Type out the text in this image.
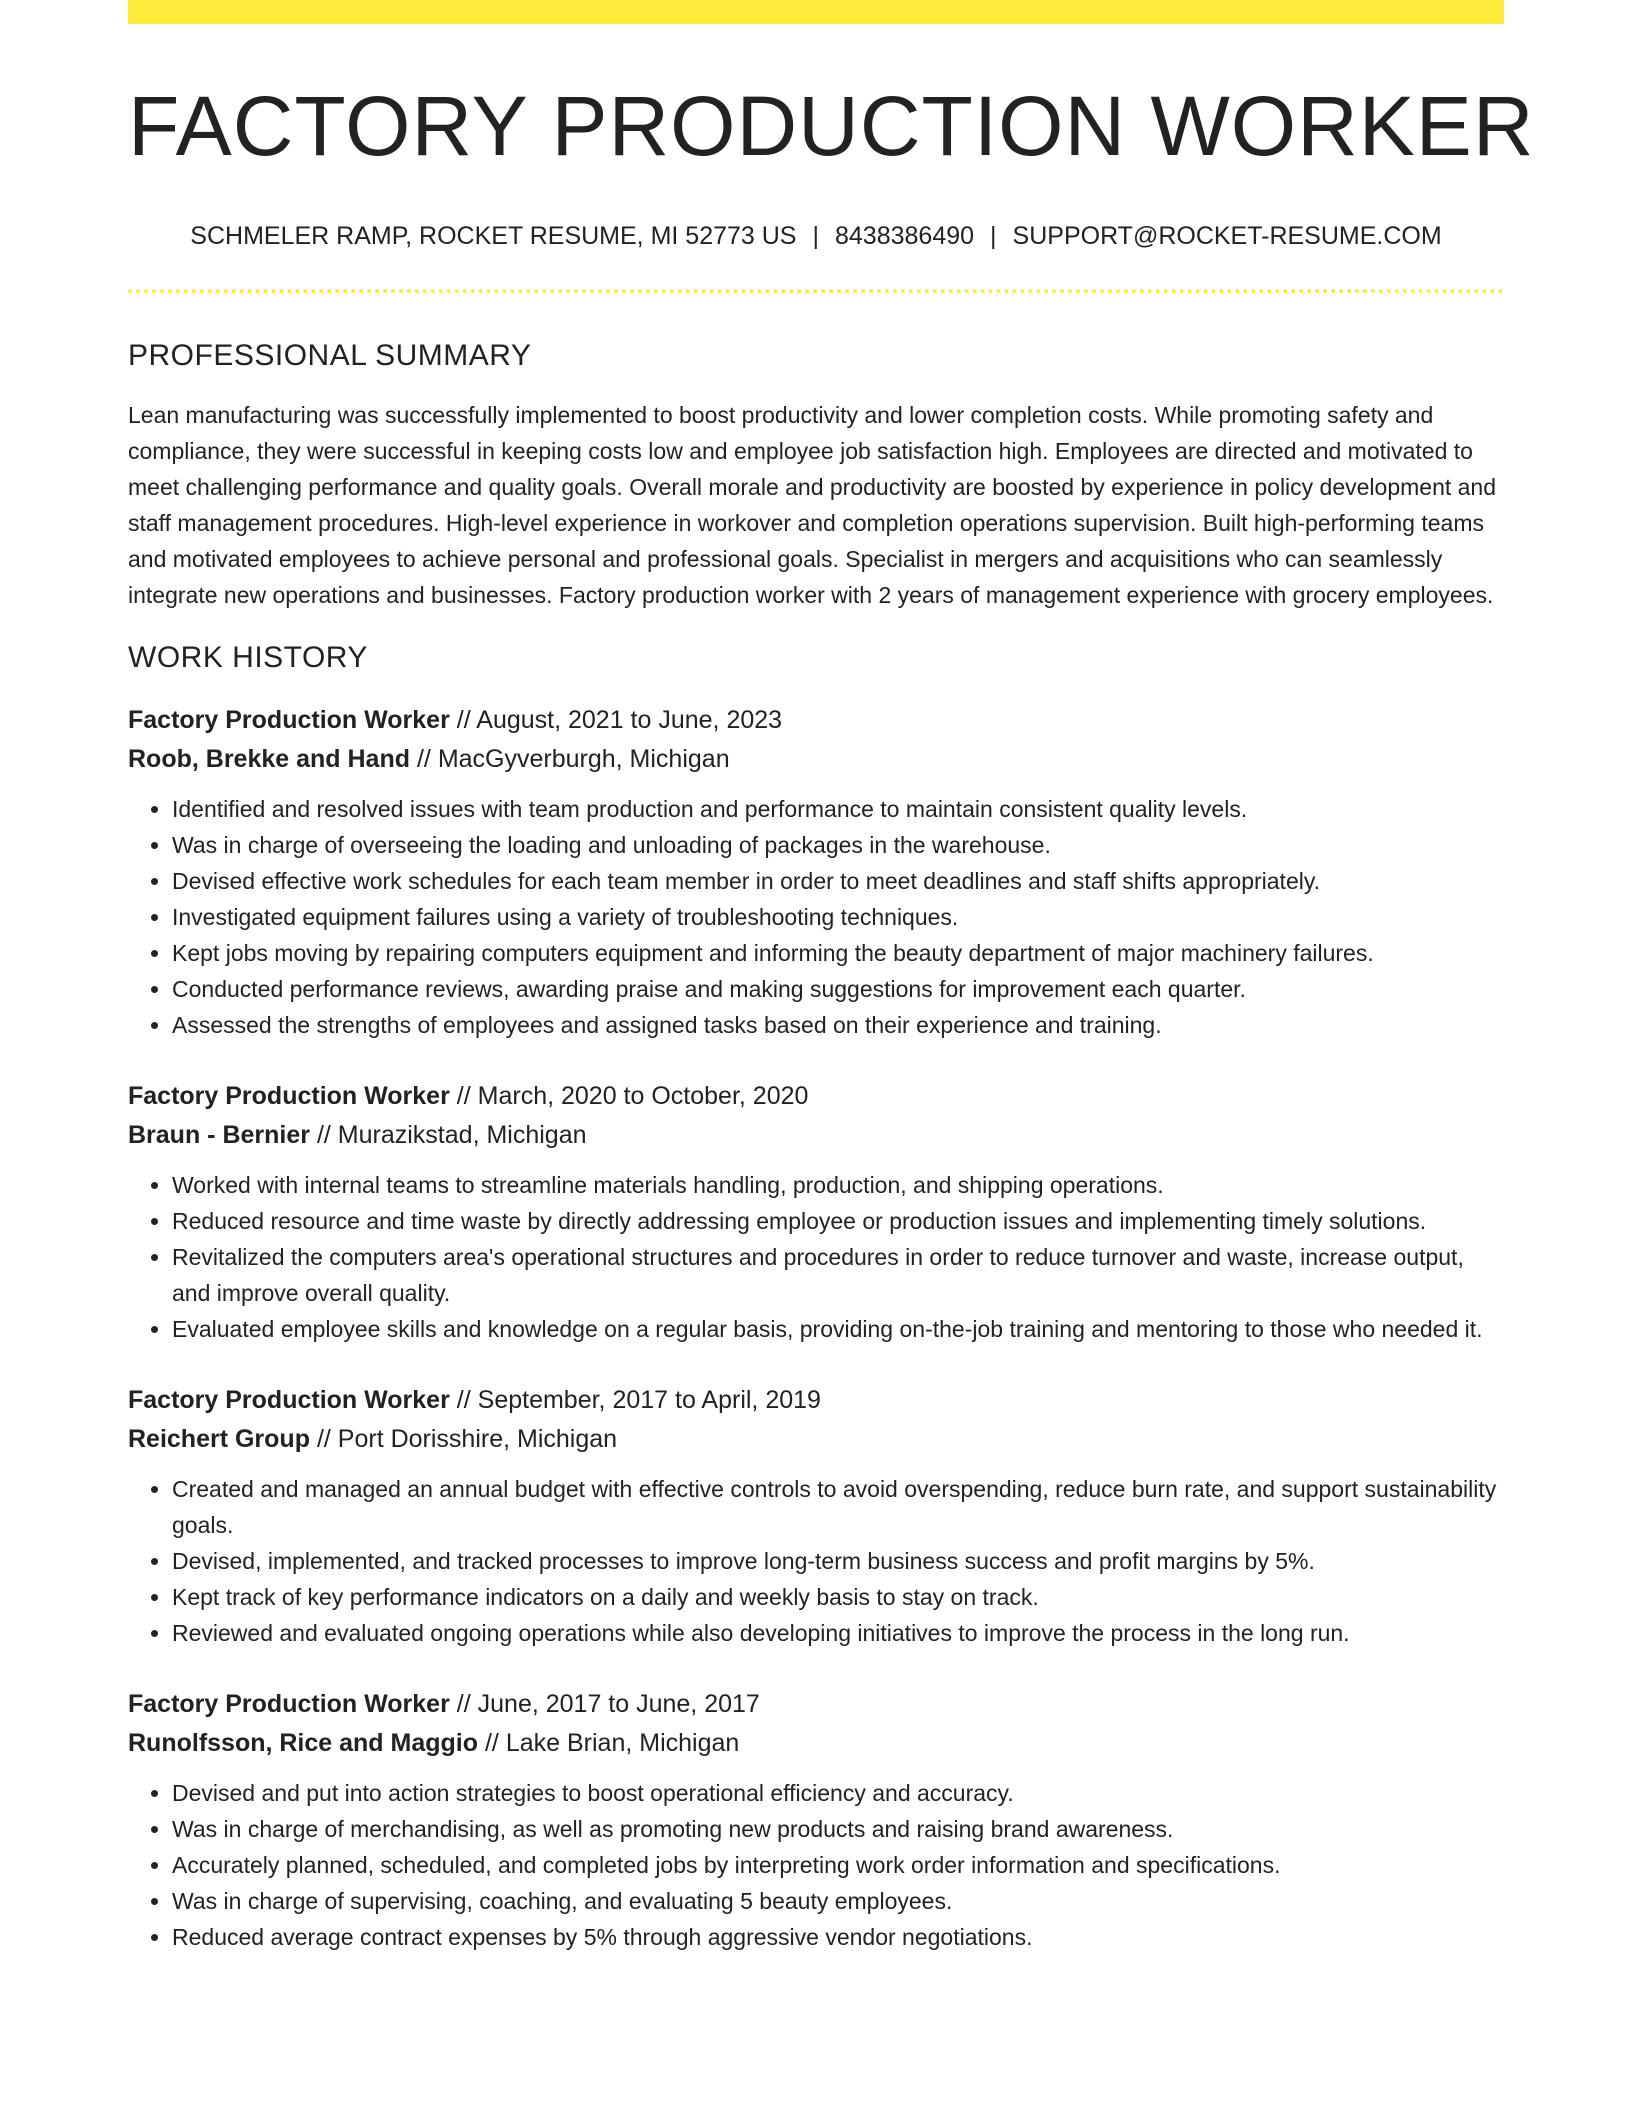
FACTORY PRODUCTION WORKER
SCHMELER RAMP, ROCKET RESUME, MI 52773 US | 8438386490 | SUPPORT@ROCKET-RESUME.COM
PROFESSIONAL SUMMARY
Lean manufacturing was successfully implemented to boost productivity and lower completion costs. While promoting safety and compliance, they were successful in keeping costs low and employee job satisfaction high. Employees are directed and motivated to meet challenging performance and quality goals. Overall morale and productivity are boosted by experience in policy development and staff management procedures. High-level experience in workover and completion operations supervision. Built high-performing teams and motivated employees to achieve personal and professional goals. Specialist in mergers and acquisitions who can seamlessly integrate new operations and businesses. Factory production worker with 2 years of management experience with grocery employees.
WORK HISTORY
Factory Production Worker // August, 2021 to June, 2023
Roob, Brekke and Hand // MacGyverburgh, Michigan
• Identified and resolved issues with team production and performance to maintain consistent quality levels.
• Was in charge of overseeing the loading and unloading of packages in the warehouse.
• Devised effective work schedules for each team member in order to meet deadlines and staff shifts appropriately.
• Investigated equipment failures using a variety of troubleshooting techniques.
• Kept jobs moving by repairing computers equipment and informing the beauty department of major machinery failures.
• Conducted performance reviews, awarding praise and making suggestions for improvement each quarter.
• Assessed the strengths of employees and assigned tasks based on their experience and training.
Factory Production Worker // March, 2020 to October, 2020
Braun - Bernier // Murazikstad, Michigan
• Worked with internal teams to streamline materials handling, production, and shipping operations.
• Reduced resource and time waste by directly addressing employee or production issues and implementing timely solutions.
• Revitalized the computers area's operational structures and procedures in order to reduce turnover and waste, increase output, and improve overall quality.
• Evaluated employee skills and knowledge on a regular basis, providing on-the-job training and mentoring to those who needed it.
Factory Production Worker // September, 2017 to April, 2019
Reichert Group // Port Dorisshire, Michigan
• Created and managed an annual budget with effective controls to avoid overspending, reduce burn rate, and support sustainability goals.
• Devised, implemented, and tracked processes to improve long-term business success and profit margins by 5%.
• Kept track of key performance indicators on a daily and weekly basis to stay on track.
• Reviewed and evaluated ongoing operations while also developing initiatives to improve the process in the long run.
Factory Production Worker // June, 2017 to June, 2017
Runolfsson, Rice and Maggio // Lake Brian, Michigan
• Devised and put into action strategies to boost operational efficiency and accuracy.
• Was in charge of merchandising, as well as promoting new products and raising brand awareness.
• Accurately planned, scheduled, and completed jobs by interpreting work order information and specifications.
• Was in charge of supervising, coaching, and evaluating 5 beauty employees.
• Reduced average contract expenses by 5% through aggressive vendor negotiations.
